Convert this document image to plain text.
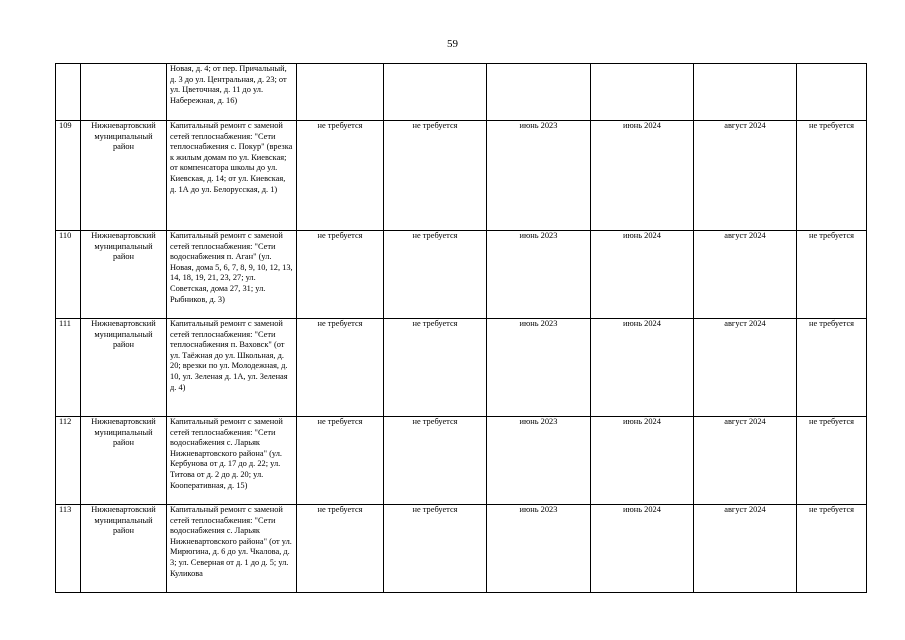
59
		Новая, д. 4; от пер. Причальный, д. 3 до ул. Центральная, д. 23; от ул. Цветочная, д. 11 до ул. Набережная, д. 16)						
109	Нижневартовский муниципальный район	Капитальный ремонт с заменой сетей теплоснабжения: "Сети теплоснабжения с. Покур" (врезка к жилым домам по ул. Киевская; от компенсатора школы до ул. Киевская, д. 14; от ул. Киевская, д. 1А до ул. Белорусская, д. 1)	не требуется	не требуется	июнь 2023	июнь 2024	август 2024	не требуется
110	Нижневартовский муниципальный район	Капитальный ремонт с заменой сетей теплоснабжения: "Сети водоснабжения п. Аган" (ул. Новая, дома 5, 6, 7, 8, 9, 10, 12, 13, 14, 18, 19, 21, 23, 27; ул. Советская, дома 27, 31; ул. Рыбников, д. 3)	не требуется	не требуется	июнь 2023	июнь 2024	август 2024	не требуется
111	Нижневартовский муниципальный район	Капитальный ремонт с заменой сетей теплоснабжения: "Сети теплоснабжения п. Ваховск" (от ул. Таёжная до ул. Школьная, д. 20; врезки по ул. Молодежная, д. 10, ул. Зеленая д. 1А, ул. Зеленая д. 4)	не требуется	не требуется	июнь 2023	июнь 2024	август 2024	не требуется
112	Нижневартовский муниципальный район	Капитальный ремонт с заменой сетей теплоснабжения: "Сети водоснабжения с. Ларьяк Нижневартовского района" (ул. Кербунова от д. 17 до д. 22; ул. Титова от д. 2 до д. 20; ул. Кооперативная, д. 15)	не требуется	не требуется	июнь 2023	июнь 2024	август 2024	не требуется
113	Нижневартовский муниципальный район	Капитальный ремонт с заменой сетей теплоснабжения: "Сети водоснабжения с. Ларьяк Нижневартовского района" (от ул. Мирюгина, д. 6 до ул. Чкалова, д. 3; ул. Северная от д. 1 до д. 5; ул. Куликова	не требуется	не требуется	июнь 2023	июнь 2024	август 2024	не требуется
